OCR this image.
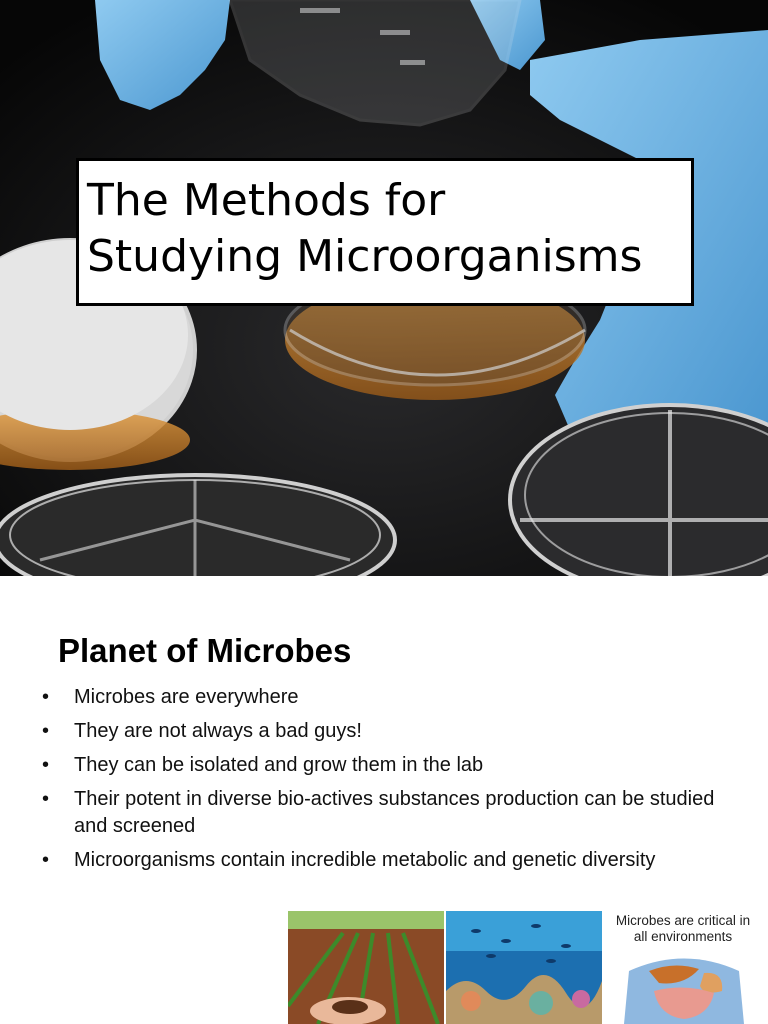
The Methods for
Studying Microorganisms
Planet of Microbes
• Microbes are everywhere
• They are not always a bad guys!
• They can be isolated and grow them in the lab
• Their potent in diverse bio-actives substances production can be studied and screened
• Microorganisms contain incredible metabolic and genetic diversity
Microbes are critical in all environments
